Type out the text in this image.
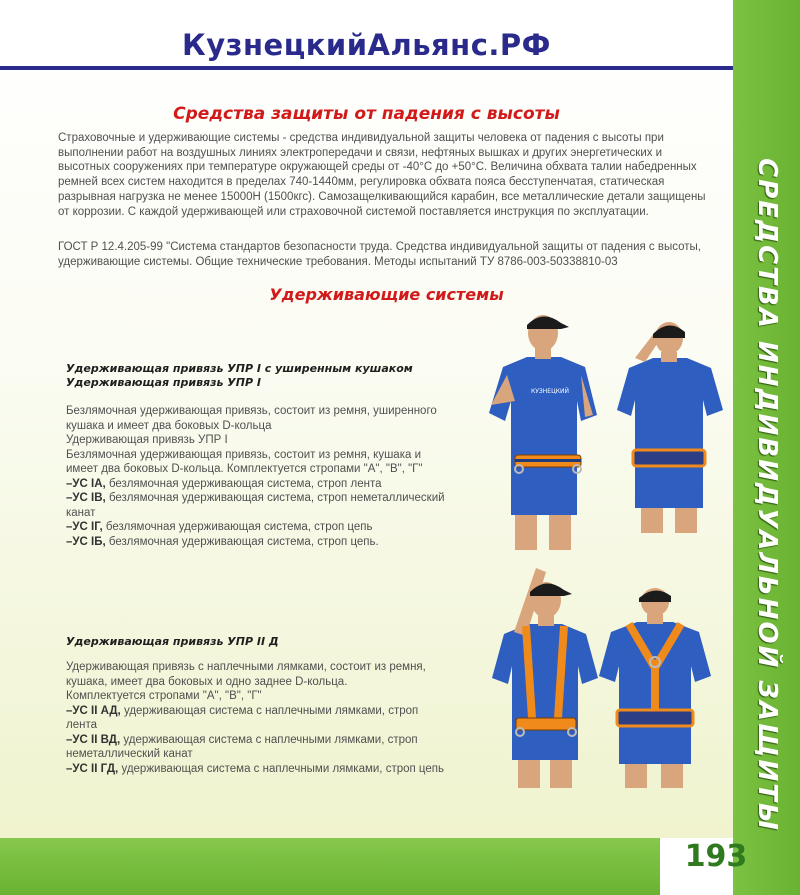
КузнецкийАльянс.РФ
СРЕДСТВА ИНДИВИДУАЛЬНОЙ ЗАЩИТЫ
Средства защиты от падения с высоты
Страховочные и удерживающие системы - средства индивидуальной защиты человека от падения с высоты при выполнении работ на воздушных линиях электропередачи и связи, нефтяных вышках и других энергетических и высотных сооружениях при температуре окружающей среды от -40°C до +50°C. Величина обхвата талии набедренных ремней всех систем находится в пределах 740-1440мм, регулировка обхвата пояса бесступенчатая, статическая разрывная нагрузка не менее 15000Н (1500кгс). Самозащелкивающийся карабин, все металлические детали защищены от коррозии. С каждой удерживающей или страховочной системой поставляется инструкция по эксплуатации.
ГОСТ Р 12.4.205-99 "Система стандартов безопасности труда. Средства индивидуальной защиты от падения с высоты, удерживающие системы. Общие технические требования. Методы испытаний ТУ 8786-003-50338810-03
Удерживающие системы
Удерживающая привязь УПР I с уширенным кушаком
Удерживающая привязь УПР I
Безлямочная удерживающая привязь, состоит из ремня, уширенного
кушака и имеет два боковых D-кольца
Удерживающая привязь УПР I
Безлямочная удерживающая привязь, состоит из ремня, кушака и
имеет два боковых D-кольца. Комплектуется стропами "А", "В", "Г"
–УС IА, безлямочная удерживающая система, строп лента
–УС IВ, безлямочная удерживающая система, строп неметаллический канат
–УС IГ, безлямочная удерживающая система, строп цепь
–УС IБ, безлямочная удерживающая система, строп цепь.
Удерживающая привязь УПР II Д
Удерживающая привязь с наплечными лямками, состоит из ремня,
кушака, имеет два боковых и одно заднее D-кольца.
Комплектуется стропами "А", "В", "Г"
–УС II АД, удерживающая система с наплечными лямками, строп лента
–УС II ВД, удерживающая система с наплечными лямками, строп неметаллический канат
–УС II ГД, удерживающая система с наплечными лямками, строп цепь
КУЗНЕЦКИЙ
193
